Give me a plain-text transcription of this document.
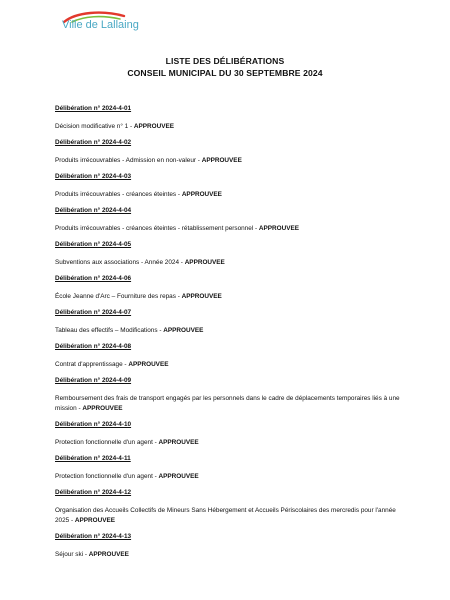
Ville de Lallaing
LISTE DES DÉLIBÉRATIONS
CONSEIL MUNICIPAL DU 30 SEPTEMBRE 2024
Délibération n° 2024-4-01
Décision modificative n° 1 - APPROUVEE
Délibération n° 2024-4-02
Produits irrécouvrables - Admission en non-valeur - APPROUVEE
Délibération n° 2024-4-03
Produits irrécouvrables - créances éteintes - APPROUVEE
Délibération n° 2024-4-04
Produits irrécouvrables - créances éteintes - rétablissement personnel - APPROUVEE
Délibération n° 2024-4-05
Subventions aux associations - Année 2024 - APPROUVEE
Délibération n° 2024-4-06
École Jeanne d'Arc – Fourniture des repas - APPROUVEE
Délibération n° 2024-4-07
Tableau des effectifs – Modifications - APPROUVEE
Délibération n° 2024-4-08
Contrat d'apprentissage - APPROUVEE
Délibération n° 2024-4-09
Remboursement des frais de transport engagés par les personnels dans le cadre de déplacements temporaires liés à une mission - APPROUVEE
Délibération n° 2024-4-10
Protection fonctionnelle d'un agent - APPROUVEE
Délibération n° 2024-4-11
Protection fonctionnelle d'un agent - APPROUVEE
Délibération n° 2024-4-12
Organisation des Accueils Collectifs de Mineurs Sans Hébergement et Accueils Périscolaires des mercredis pour l'année 2025 - APPROUVEE
Délibération n° 2024-4-13
Séjour ski - APPROUVEE
